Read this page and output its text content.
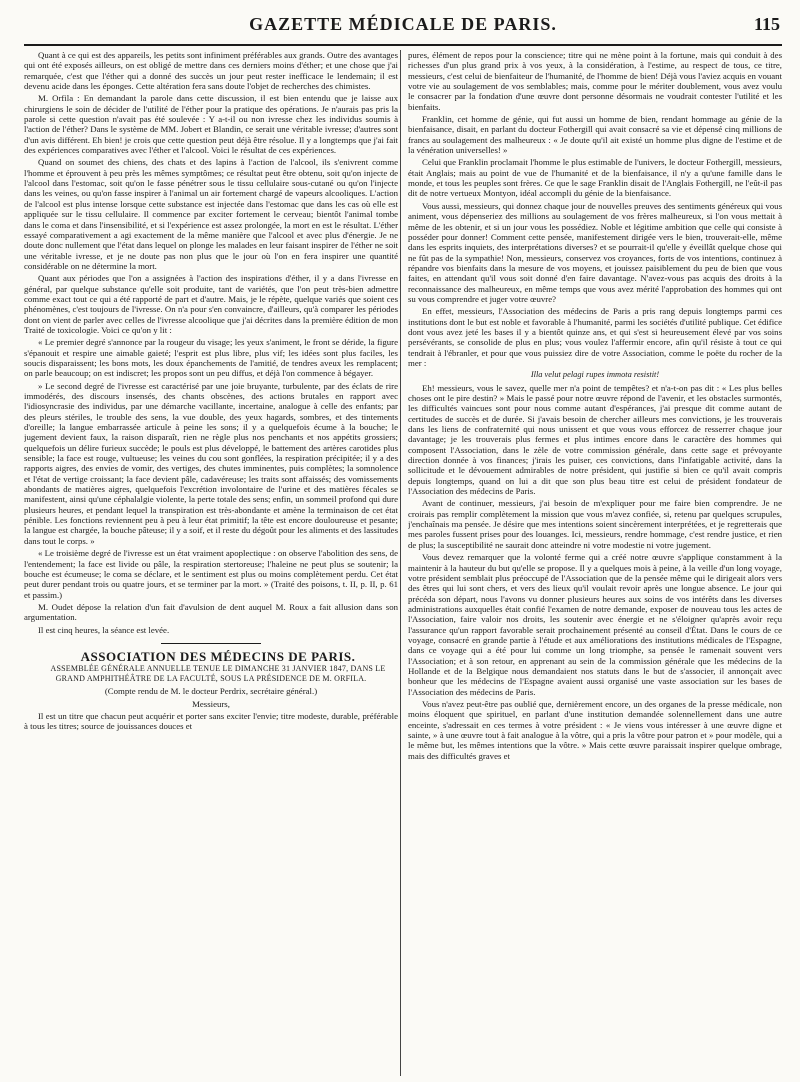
GAZETTE MÉDICALE DE PARIS.	115

Quant à ce qui est des appareils, les petits sont infiniment préférables aux grands. Outre des avantages qui ont été exposés ailleurs, on est obligé de mettre dans ces derniers moins d'éther; et une chose que j'ai remarquée, c'est que l'éther qui a donné des succès un jour peut rester inefficace le lendemain; il est devenu acide dans les éponges. Cette altération fera sans doute l'objet de recherches des chimistes.

M. Orfila : En demandant la parole dans cette discussion, il est bien entendu que je laisse aux chirurgiens le soin de décider de l'utilité de l'éther pour la pratique des opérations. Je n'aurais pas pris la parole si cette question n'avait pas été soulevée : Y a-t-il ou non ivresse chez les individus soumis à l'action de l'éther? Dans le système de MM. Jobert et Blandin, ce serait une véritable ivresse; d'autres sont d'un avis différent. Eh bien! je crois que cette question peut déjà être résolue. Il y a longtemps que j'ai fait des expériences comparatives avec l'éther et l'alcool. Voici le résultat de ces expériences.

Quand on soumet des chiens, des chats et des lapins à l'action de l'alcool, ils s'enivrent comme l'homme et éprouvent à peu près les mêmes symptômes; ce résultat peut être obtenu, soit qu'on injecte de l'alcool dans l'estomac, soit qu'on le fasse pénétrer sous le tissu cellulaire sous-cutané ou qu'on l'injecte dans les veines, ou qu'on fasse inspirer à l'animal un air fortement chargé de vapeurs alcooliques. L'action de l'alcool est plus intense lorsque cette substance est injectée dans l'estomac que dans les cas où elle est appliquée sur le tissu cellulaire. Il commence par exciter fortement le cerveau; bientôt l'animal tombe dans le coma et dans l'insensibilité, et si l'expérience est assez prolongée, la mort en est le résultat. L'éther essayé comparativement a agi exactement de la même manière que l'alcool et avec plus d'énergie. Je ne doute donc nullement que l'état dans lequel on plonge les malades en leur faisant inspirer de l'éther ne soit une véritable ivresse, et je ne doute pas non plus que le jour où l'on en fera inspirer une quantité considérable on ne détermine la mort.

Quant aux périodes que l'on a assignées à l'action des inspirations d'éther, il y a dans l'ivresse en général, par quelque substance qu'elle soit produite, tant de variétés, que l'on peut très-bien admettre comme exact tout ce qui a été rapporté de part et d'autre. Mais, je le répète, quelque variés que soient ces phénomènes, c'est toujours de l'ivresse. On n'a pour s'en convaincre, d'ailleurs, qu'à comparer les périodes dont on vient de parler avec celles de l'ivresse alcoolique que j'ai décrites dans la première édition de mon Traité de toxicologie. Voici ce qu'on y lit :

« Le premier degré s'annonce par la rougeur du visage; les yeux s'animent, le front se déride, la figure s'épanouit et respire une aimable gaieté; l'esprit est plus libre, plus vif; les idées sont plus faciles, les soucis disparaissent; les bons mots, les doux épanchements de l'amitié, de tendres aveux les remplacent; on parle beaucoup; on est indiscret; les propos sont un peu diffus, et déjà l'on commence à bégayer.

» Le second degré de l'ivresse est caractérisé par une joie bruyante, turbulente, par des éclats de rire immodérés, des discours insensés, des chants obscènes, des actions brutales en rapport avec l'idiosyncrasie des individus, par une démarche vacillante, incertaine, analogue à celle des enfants; par des pleurs stériles, le trouble des sens, la vue double, des yeux hagards, sombres, et des tintements d'oreille; la langue embarrassée articule à peine les sons; il y a quelquefois écume à la bouche; le jugement devient faux, la raison disparaît, rien ne règle plus nos penchants et nos appétits grossiers; quelquefois un délire furieux succède; le pouls est plus développé, le battement des artères carotides plus sensible; la face est rouge, vultueuse; les veines du cou sont gonflées, la respiration précipitée; il y a des rapports aigres, des envies de vomir, des vertiges, des chutes imminentes, puis complètes; la somnolence et l'état de vertige croissant; la face devient pâle, cadavéreuse; les traits sont affaissés; des vomissements abondants de matières aigres, quelquefois l'excrétion involontaire de l'urine et des matières fécales se manifestent, ainsi qu'une céphalalgie violente, la perte totale des sens; enfin, un sommeil profond qui dure plusieurs heures, et pendant lequel la transpiration est très-abondante et amène la terminaison de cet état pénible. Les fonctions reviennent peu à peu à leur état primitif; la tête est encore douloureuse et pesante; la langue est chargée, la bouche pâteuse; il y a soif, et il reste du dégoût pour les aliments et des lassitudes dans tout le corps. »

« Le troisième degré de l'ivresse est un état vraiment apoplectique : on observe l'abolition des sens, de l'entendement; la face est livide ou pâle, la respiration stertoreuse; l'haleine ne peut plus se soutenir; la bouche est écumeuse; le coma se déclare, et le sentiment est plus ou moins complètement perdu. Cet état peut durer pendant trois ou quatre jours, et se terminer par la mort. » (Traité des poisons, t. II, p. II, p. 61 et passim.)

M. Oudet dépose la relation d'un fait d'avulsion de dent auquel M. Roux a fait allusion dans son argumentation.

Il est cinq heures, la séance est levée.

ASSOCIATION DES MÉDECINS DE PARIS.

ASSEMBLÉE GÉNÉRALE ANNUELLE TENUE LE DIMANCHE 31 JANVIER 1847, DANS LE GRAND AMPHITHÉÂTRE DE LA FACULTÉ, SOUS LA PRÉSIDENCE DE M. ORFILA.

(Compte rendu de M. le docteur Perdrix, secrétaire général.)

Messieurs,

Il est un titre que chacun peut acquérir et porter sans exciter l'envie; titre modeste, durable, préférable à tous les titres; source de jouissances douces et

pures, élément de repos pour la conscience; titre qui ne mène point à la fortune, mais qui conduit à des richesses d'un plus grand prix à vos yeux, à la considération, à l'estime, au respect de tous, ce titre, messieurs, c'est celui de bienfaiteur de l'humanité, de l'homme de bien! Déjà vous l'aviez acquis en vouant votre vie au soulagement de vos semblables; mais, comme pour le mériter doublement, vous avez voulu le consacrer par la fondation d'une œuvre dont personne désormais ne voudrait contester l'utilité et les bienfaits.

Franklin, cet homme de génie, qui fut aussi un homme de bien, rendant hommage au génie de la bienfaisance, disait, en parlant du docteur Fothergill qui avait consacré sa vie et dépensé cinq millions de francs au soulagement des malheureux : « Je doute qu'il ait existé un homme plus digne de l'estime et de la vénération universelles! »

Celui que Franklin proclamait l'homme le plus estimable de l'univers, le docteur Fothergill, messieurs, était Anglais; mais au point de vue de l'humanité et de la bienfaisance, il n'y a qu'une famille dans le monde, et tous les peuples sont frères. Ce que le sage Franklin disait de l'Anglais Fothergill, ne l'eût-il pas dit de notre vertueux Montyon, idéal accompli du génie de la bienfaisance.

Vous aussi, messieurs, qui donnez chaque jour de nouvelles preuves des sentiments généreux qui vous animent, vous dépenseriez des millions au soulagement de vos frères malheureux, si l'on vous mettait à même de les obtenir, et si un jour vous les possédiez. Noble et légitime ambition que celle qui consiste à posséder pour donner! Comment cette pensée, manifestement dirigée vers le bien, trouverait-elle, même dans les esprits inquiets, des interprétations diverses? et se pourrait-il qu'elle y éveillât quelque chose qui ne fût pas de la sympathie! Non, messieurs, conservez vos croyances, forts de vos intentions, continuez à répandre vos bienfaits dans la mesure de vos moyens, et jouissez paisiblement du peu de bien que vous faites, en attendant qu'il vous soit donné d'en faire davantage. N'avez-vous pas acquis des droits à la reconnaissance des malheureux, en même temps que vous avez mérité l'approbation des hommes qui ont su vous comprendre et juger votre œuvre?

En effet, messieurs, l'Association des médecins de Paris a pris rang depuis longtemps parmi ces institutions dont le but est noble et favorable à l'humanité, parmi les sociétés d'utilité publique. Cet édifice dont vous avez jeté les bases il y a bientôt quinze ans, et qui s'est si heureusement élevé par vos soins persévérants, se consolide de plus en plus; vous voulez l'affermir encore, afin qu'il résiste à tout ce qui tendrait à l'ébranler, et pour que vous puissiez dire de votre Association, comme le poëte du rocher de la mer :

Illa velut pelagi rupes immota resistit!

Eh! messieurs, vous le savez, quelle mer n'a point de tempêtes? et n'a-t-on pas dit : « Les plus belles choses ont le pire destin? » Mais le passé pour notre œuvre répond de l'avenir, et les obstacles surmontés, les difficultés vaincues sont pour nous comme autant d'espérances, j'ai presque dit comme autant de certitudes de succès et de durée. Si j'avais besoin de chercher ailleurs mes convictions, je les trouverais dans les liens de confraternité qui nous unissent et que vous vous efforcez de resserrer chaque jour davantage; je les trouverais plus fermes et plus intimes encore dans le caractère des hommes qui composent l'Association, dans le zèle de votre commission générale, dans cette sage et prévoyante direction donnée à vos finances; j'irais les puiser, ces convictions, dans l'infatigable activité, dans la sollicitude et le dévouement admirables de notre président, qui justifie si bien ce qu'il avait compris depuis longtemps, quand on lui a dit que son plus beau titre est celui de président fondateur de l'Association des médecins de Paris.

Avant de continuer, messieurs, j'ai besoin de m'expliquer pour me faire bien comprendre. Je ne croirais pas remplir complètement la mission que vous m'avez confiée, si, retenu par quelques scrupules, j'enchaînais ma pensée. Je désire que mes intentions soient sincèrement interprétées, et je regretterais que mes paroles fussent prises pour des louanges. Ici, messieurs, rendre hommage, c'est rendre justice, et rien de plus; la susceptibilité ne saurait donc atteindre ni votre modestie ni votre jugement.

Vous devez remarquer que la volonté ferme qui a créé notre œuvre s'applique constamment à la maintenir à la hauteur du but qu'elle se propose. Il y a quelques mois à peine, à la veille d'un long voyage, votre président semblait plus préoccupé de l'Association que de la pensée même qui le dirigeait alors vers des êtres qui lui sont chers, et vers des lieux qu'il voulait revoir après une longue absence. Le jour qui précéda son départ, nous l'avons vu donner plusieurs heures aux soins de vos intérêts dans les diverses administrations auxquelles était confié l'examen de notre demande, exposer de nouveau tous les actes de l'Association, faire valoir nos droits, les soutenir avec énergie et ne s'éloigner qu'après avoir reçu l'assurance qu'un rapport favorable serait prochainement présenté au conseil d'État. Dans le cours de ce voyage, consacré en grande partie à l'étude et aux améliorations des institutions médicales de l'Espagne, dans ce voyage qui a été pour lui comme un long triomphe, sa pensée le ramenait souvent vers l'Association; et à son retour, en apprenant au sein de la commission générale que les médecins de la Hollande et de la Belgique nous demandaient nos statuts dans le but de s'associer, il annonçait avec bonheur que les médecins de l'Espagne avaient aussi organisé une vaste association sur les bases de l'Association des médecins de Paris.

Vous n'avez peut-être pas oublié que, dernièrement encore, un des organes de la presse médicale, non moins éloquent que spirituel, en parlant d'une institution demandée solennellement dans une autre enceinte, s'adressait en ces termes à votre président : « Je viens vous intéresser à une œuvre digne et sainte, » à une œuvre tout à fait analogue à la vôtre, qui a pris la vôtre pour patron et » pour modèle, qui a le même but, les mêmes intentions que la vôtre. » Mais cette œuvre paraissait inspirer quelque ombrage, mais des difficultés graves et
